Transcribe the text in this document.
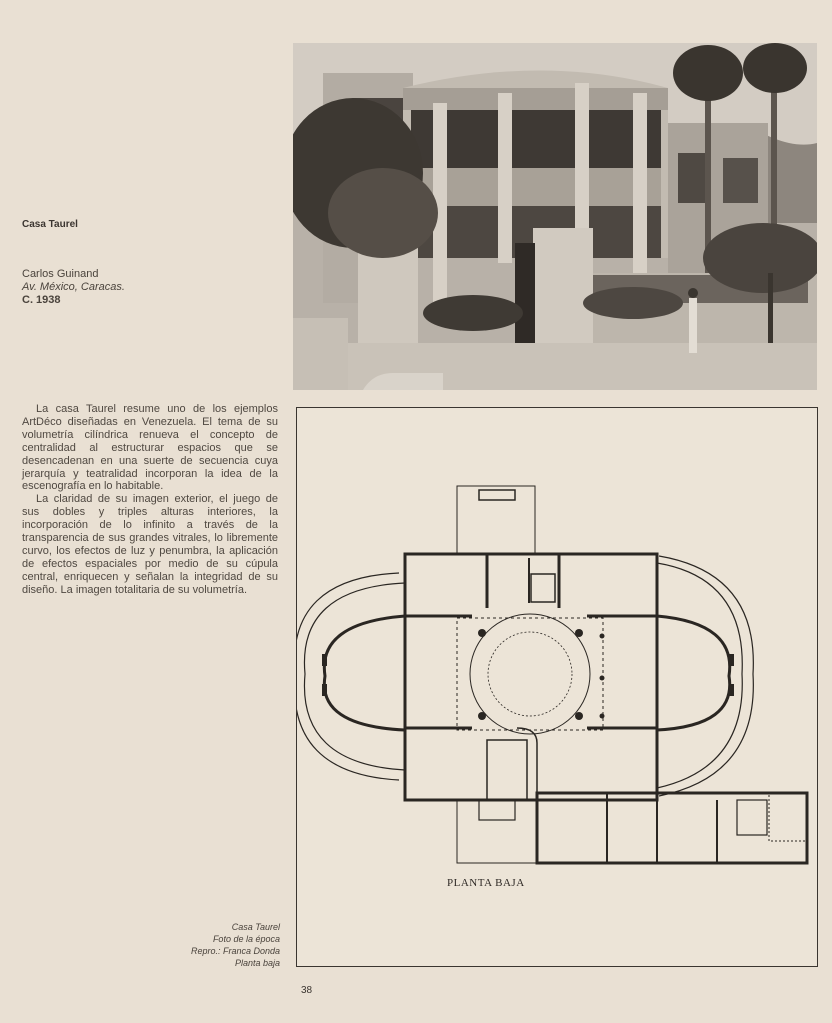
Casa Taurel
Carlos Guinand
Av. México, Caracas.
C. 1938

La casa Taurel resume uno de los ejemplos ArtDéco diseñadas en Venezuela. El tema de su volumetría cilíndrica renueva el concepto de centralidad al estructurar espacios que se desencadenan en una suerte de secuencia cuya jerarquía y teatralidad incorporan la idea de la escenografía en lo habitable.

La claridad de su imagen exterior, el juego de sus dobles y triples alturas interiores, la incorporación de lo infinito a través de la transparencia de sus grandes vitrales, lo libremente curvo, los efectos de luz y penumbra, la aplicación de efectos espaciales por medio de su cúpula central, enriquecen y señalan la integridad de su diseño. La imagen totalitaria de su volumetría.

PLANTA BAJA
Casa Taurel
Foto de la época
Repro.: Franca Donda
Planta baja
38
